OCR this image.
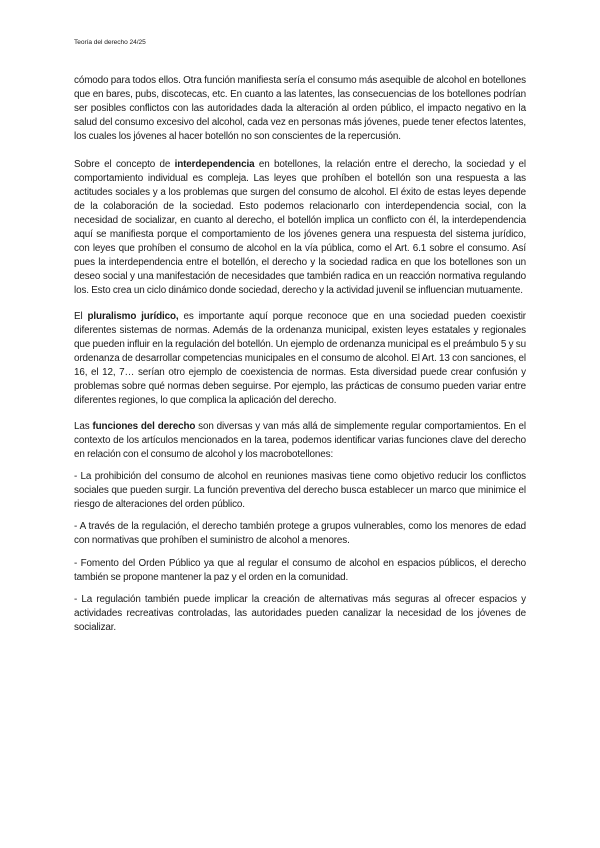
Teoría del derecho 24/25

cómodo para todos ellos. Otra función manifiesta sería el consumo más asequible de alcohol en botellones que en bares, pubs, discotecas, etc. En cuanto a las latentes, las consecuencias de los botellones podrían ser posibles conflictos con las autoridades dada la alteración al orden público, el impacto negativo en la salud del consumo excesivo del alcohol, cada vez en personas más jóvenes, puede tener efectos latentes, los cuales los jóvenes al hacer botellón no son conscientes de la repercusión.

Sobre el concepto de interdependencia en botellones, la relación entre el derecho, la sociedad y el comportamiento individual es compleja. Las leyes que prohíben el botellón son una respuesta a las actitudes sociales y a los problemas que surgen del consumo de alcohol. El éxito de estas leyes depende de la colaboración de la sociedad. Esto podemos relacionarlo con interdependencia social, con la necesidad de socializar, en cuanto al derecho, el botellón implica un conflicto con él, la interdependencia aquí se manifiesta porque el comportamiento de los jóvenes genera una respuesta del sistema jurídico, con leyes que prohíben el consumo de alcohol en la vía pública, como el Art. 6.1 sobre el consumo. Así pues la interdependencia entre el botellón, el derecho y la sociedad radica en que los botellones son un deseo social y una manifestación de necesidades que también radica en un reacción normativa regulando los. Esto crea un ciclo dinámico donde sociedad, derecho y la actividad juvenil se influencian mutuamente.

El pluralismo jurídico, es importante aquí porque reconoce que en una sociedad pueden coexistir diferentes sistemas de normas. Además de la ordenanza municipal, existen leyes estatales y regionales que pueden influir en la regulación del botellón. Un ejemplo de ordenanza municipal es el preámbulo 5 y su ordenanza de desarrollar competencias municipales en el consumo de alcohol. El Art. 13 con sanciones, el 16, el 12, 7… serían otro ejemplo de coexistencia de normas. Esta diversidad puede crear confusión y problemas sobre qué normas deben seguirse. Por ejemplo, las prácticas de consumo pueden variar entre diferentes regiones, lo que complica la aplicación del derecho.

Las funciones del derecho son diversas y van más allá de simplemente regular comportamientos. En el contexto de los artículos mencionados en la tarea, podemos identificar varias funciones clave del derecho en relación con el consumo de alcohol y los macrobotellones:

- La prohibición del consumo de alcohol en reuniones masivas tiene como objetivo reducir los conflictos sociales que pueden surgir. La función preventiva del derecho busca establecer un marco que minimice el riesgo de alteraciones del orden público.

- A través de la regulación, el derecho también protege a grupos vulnerables, como los menores de edad con normativas que prohíben el suministro de alcohol a menores.

- Fomento del Orden Público ya que al regular el consumo de alcohol en espacios públicos, el derecho también se propone mantener la paz y el orden en la comunidad.

- La regulación también puede implicar la creación de alternativas más seguras al ofrecer espacios y actividades recreativas controladas, las autoridades pueden canalizar la necesidad de los jóvenes de socializar.
